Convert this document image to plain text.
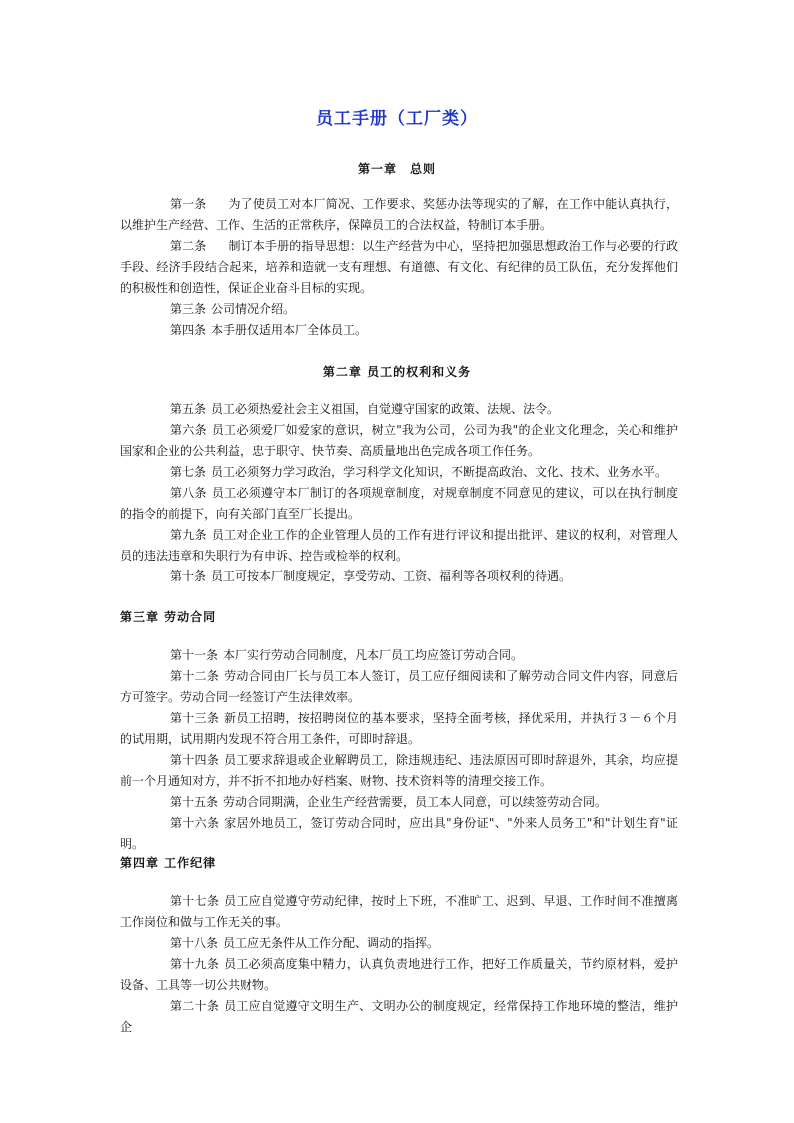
员工手册（工厂类）
第一章　总则
第一条 为了使员工对本厂简况、工作要求、奖惩办法等现实的了解，在工作中能认真执行，以维护生产经营、工作、生活的正常秩序，保障员工的合法权益，特制订本手册。
第二条 制订本手册的指导思想：以生产经营为中心，坚持把加强思想政治工作与必要的行政手段、经济手段结合起来，培养和造就一支有理想、有道德、有文化、有纪律的员工队伍，充分发挥他们的积极性和创造性，保证企业奋斗目标的实现。
第三条 公司情况介绍。
第四条 本手册仅适用本厂全体员工。
第二章 员工的权利和义务
第五条 员工必须热爱社会主义祖国，自觉遵守国家的政策、法规、法令。
第六条 员工必须爱厂如爱家的意识，树立"我为公司，公司为我"的企业文化理念，关心和维护国家和企业的公共利益，忠于职守、快节奏、高质量地出色完成各项工作任务。
第七条 员工必须努力学习政治，学习科学文化知识，不断提高政治、文化、技术、业务水平。
第八条 员工必须遵守本厂制订的各项规章制度，对规章制度不同意见的建议，可以在执行制度的指令的前提下，向有关部门直至厂长提出。
第九条 员工对企业工作的企业管理人员的工作有进行评议和提出批评、建议的权利，对管理人员的违法违章和失职行为有申诉、控告或检举的权利。
第十条 员工可按本厂制度规定，享受劳动、工资、福利等各项权利的待遇。
第三章 劳动合同
第十一条 本厂实行劳动合同制度，凡本厂员工均应签订劳动合同。
第十二条 劳动合同由厂长与员工本人签订，员工应仔细阅读和了解劳动合同文件内容，同意后方可签字。劳动合同一经签订产生法律效率。
第十三条 新员工招聘，按招聘岗位的基本要求，坚持全面考核，择优采用，并执行３－６个月的试用期，试用期内发现不符合用工条件，可即时辞退。
第十四条 员工要求辞退或企业解聘员工，除违规违纪、违法原因可即时辞退外，其余，均应提前一个月通知对方，并不折不扣地办好档案、财物、技术资料等的清理交接工作。
第十五条 劳动合同期满，企业生产经营需要，员工本人同意，可以续签劳动合同。
第十六条 家居外地员工，签订劳动合同时，应出具"身份证"、"外来人员务工"和"计划生育"证明。
第四章 工作纪律
第十七条 员工应自觉遵守劳动纪律，按时上下班，不准旷工、迟到、早退、工作时间不准擅离工作岗位和做与工作无关的事。
第十八条 员工应无条件从工作分配、调动的指挥。
第十九条 员工必须高度集中精力，认真负责地进行工作，把好工作质量关，节约原材料，爱护设备、工具等一切公共财物。
第二十条 员工应自觉遵守文明生产、文明办公的制度规定，经常保持工作地环境的整洁，维护企
